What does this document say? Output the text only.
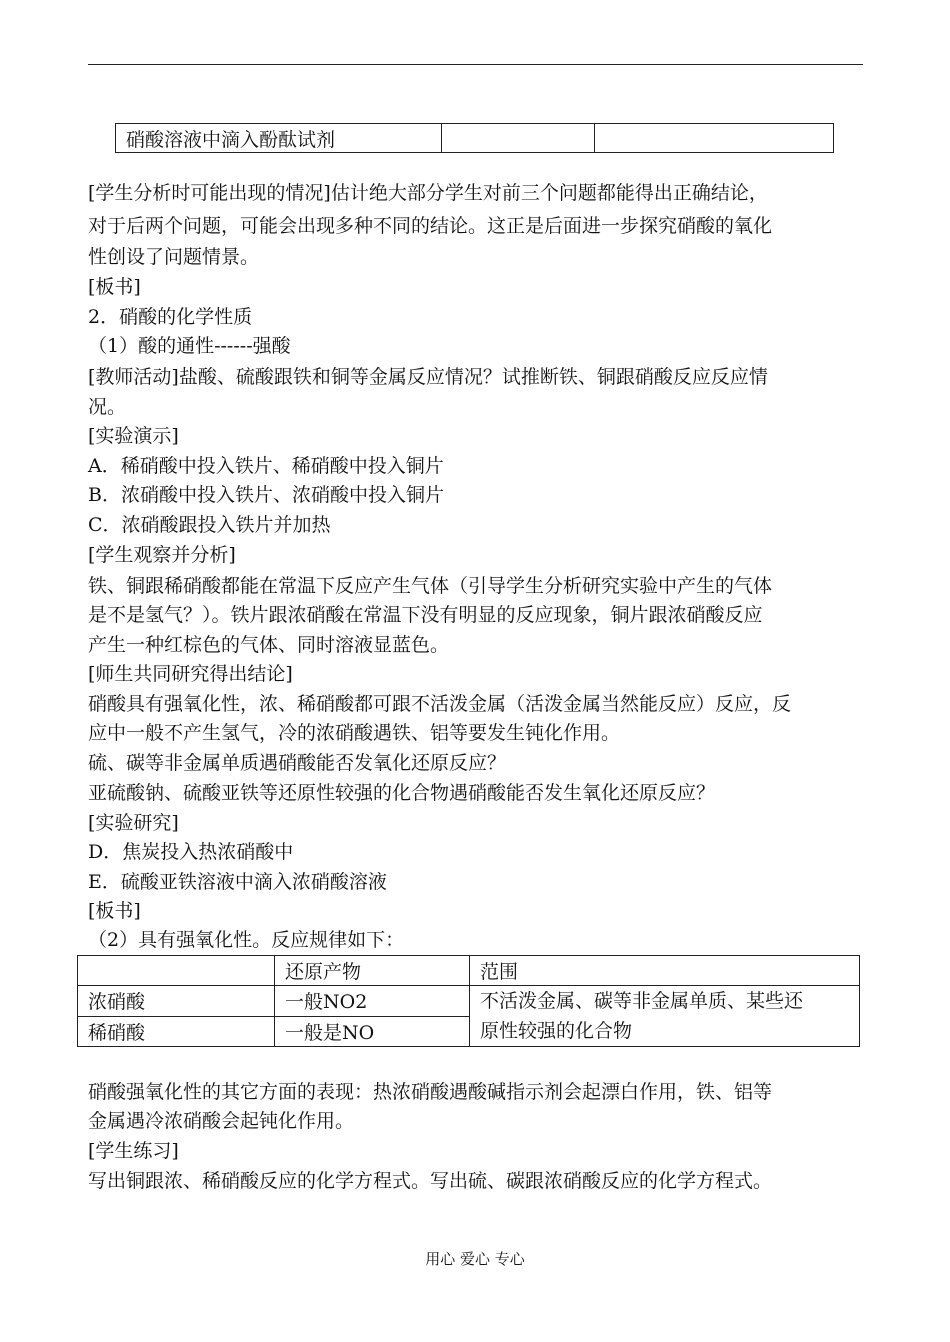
硝酸溶液中滴入酚酞试剂		
[学生分析时可能出现的情况]估计绝大部分学生对前三个问题都能得出正确结论，
对于后两个问题，可能会出现多种不同的结论。这正是后面进一步探究硝酸的氧化
性创设了问题情景。
[板书]
2．硝酸的化学性质
（1）酸的通性------强酸
[教师活动]盐酸、硫酸跟铁和铜等金属反应情况？试推断铁、铜跟硝酸反应反应情
况。
[实验演示]
A．稀硝酸中投入铁片、稀硝酸中投入铜片
B．浓硝酸中投入铁片、浓硝酸中投入铜片
C．浓硝酸跟投入铁片并加热
[学生观察并分析]
铁、铜跟稀硝酸都能在常温下反应产生气体（引导学生分析研究实验中产生的气体
是不是氢气？）。铁片跟浓硝酸在常温下没有明显的反应现象，铜片跟浓硝酸反应
产生一种红棕色的气体、同时溶液显蓝色。
[师生共同研究得出结论]
硝酸具有强氧化性，浓、稀硝酸都可跟不活泼金属（活泼金属当然能反应）反应，反
应中一般不产生氢气，冷的浓硝酸遇铁、铝等要发生钝化作用。
硫、碳等非金属单质遇硝酸能否发氧化还原反应？
亚硫酸钠、硫酸亚铁等还原性较强的化合物遇硝酸能否发生氧化还原反应？
[实验研究]
D．焦炭投入热浓硝酸中
E．硫酸亚铁溶液中滴入浓硝酸溶液
[板书]
（2）具有强氧化性。反应规律如下：
	还原产物	范围
浓硝酸	一般NO2	不活泼金属、碳等非金属单质、某些还
原性较强的化合物

稀硝酸	一般是NO	
硝酸强氧化性的其它方面的表现：热浓硝酸遇酸碱指示剂会起漂白作用，铁、铝等
金属遇冷浓硝酸会起钝化作用。
[学生练习]
写出铜跟浓、稀硝酸反应的化学方程式。写出硫、碳跟浓硝酸反应的化学方程式。
用心 爱心 专心
